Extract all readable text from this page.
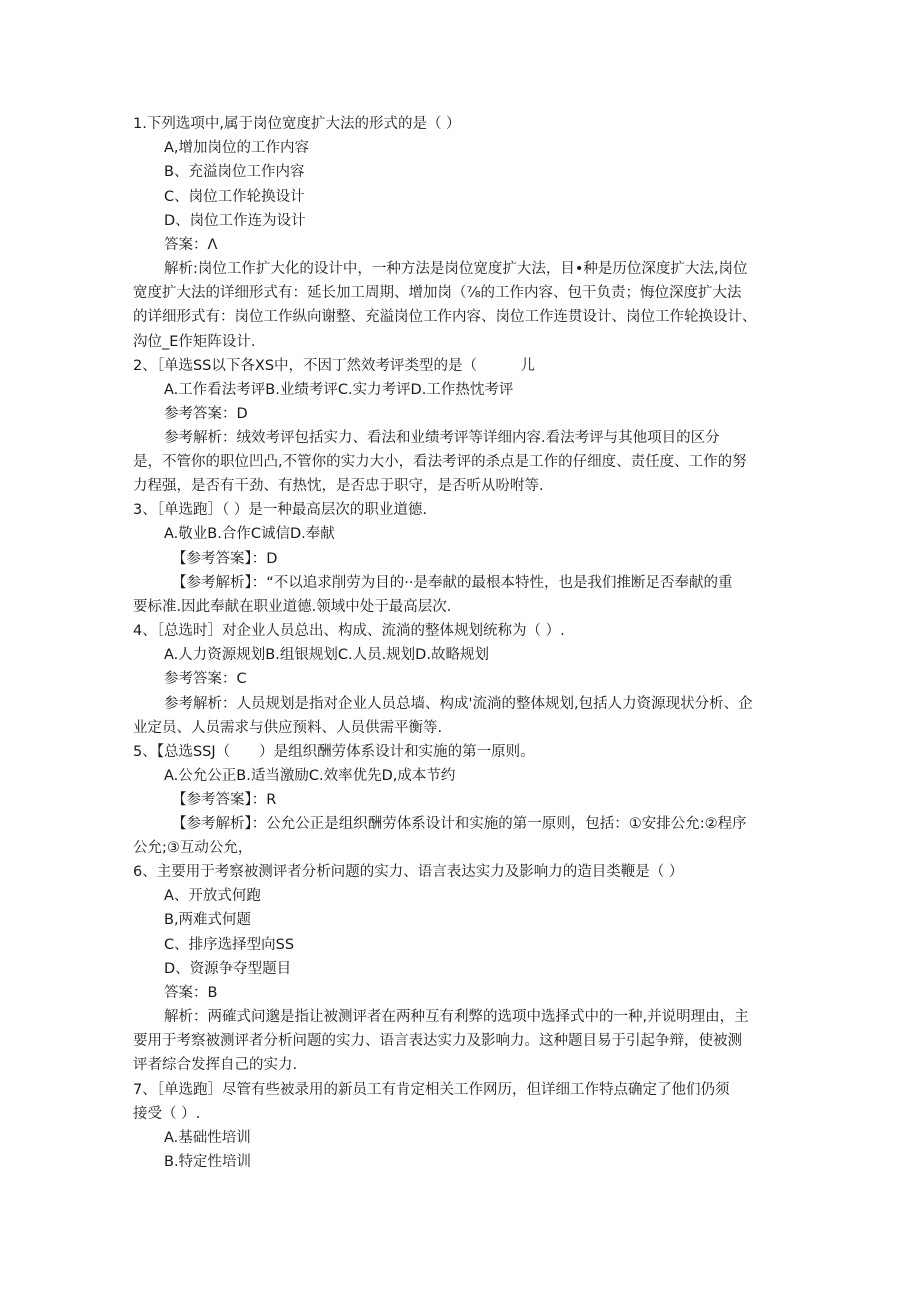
1.下列选项中,属于岗位宽度扩大法的形式的是（ ）

A,增加岗位的工作内容

B、充溢岗位工作内容

C、岗位工作轮换设计

D、岗位工作连为设计

答案：Λ

解析:岗位工作扩大化的设计中，一种方法是岗位宽度扩大法，目•种是历位深度扩大法,岗位

宽度扩大法的详细形式有：延长加工周期、增加岗（⅞的工作内容、包干负责；悔位深度扩大法

的详细形式有：岗位工作纵向谢整、充溢岗位工作内容、岗位工作连贯设计、岗位工作轮换设计、

沟位_E作矩阵设计.

2、［单选SS以下各XS中，不因丁然效考评类型的是（　　　儿

A.工作看法考评B.业绩考评C.实力考评D.工作热忱考评

参考答案：D

参考解析：绒效考评包括实力、看法和业绩考评等详细内容.看法考评与其他项目的区分

是，不管你的职位凹凸,不管你的实力大小，看法考评的杀点是工作的仔细度、责任度、工作的努

力程强，是否有干劲、有热忱，是否忠于职守，是否听从吩咐等.

3、［单选跑］（ ）是一种最高层次的职业道德.

A.敬业B.合作C诚信D.奉献

【参考答案】：D

【参考解析】：“不以追求削劳为目的··是奉献的最根本特性，也是我们推断足否奉献的重

要标准.因此奉献在职业道德.领域中处于最高层次.

4、［总选时］对企业人员总出、构成、流淌的整体规划统称为（ ）.

A.人力资源规划B.组银规划C.人员.规划D.故略规划

参考答案：C

参考解析：人员规划是指对企业人员总墙、构成'流淌的整体规划,包括人力资源现状分析、企

业定员、人员需求与供应预料、人员供需平衡等.

5、【总选SSJ（　　）是组织酬劳体系设计和实施的第一原则。

A.公允公正B.适当激励C.效率优先D,成本节约

【参考答案】：R

【参考解析】：公允公正是组织酬劳体系设计和实施的第一原则，包括：①安排公允:②程序

公允;③互动公允，

6、主要用于考察被测评者分析问题的实力、语言表达实力及影响力的造目类鞭是（ ）

A、开放式何跑

B,两难式何题

C、排序选择型向SS

D、资源争夺型题目

答案：B

解析：两確式问邈是指让被测评者在两种互有利弊的选项中选择式中的一种,并说明理由，主

要用于考察被测评者分析问题的实力、语言表达实力及影响力。这种题目易于引起争辩，使被测

评者综合发挥自己的实力.

7、［单选跑］尽管有些被录用的新员工有肯定相关工作网历，但详细工作特点确定了他们仍须

接受（ ）.

A.基础性培训

B.特定性培训
